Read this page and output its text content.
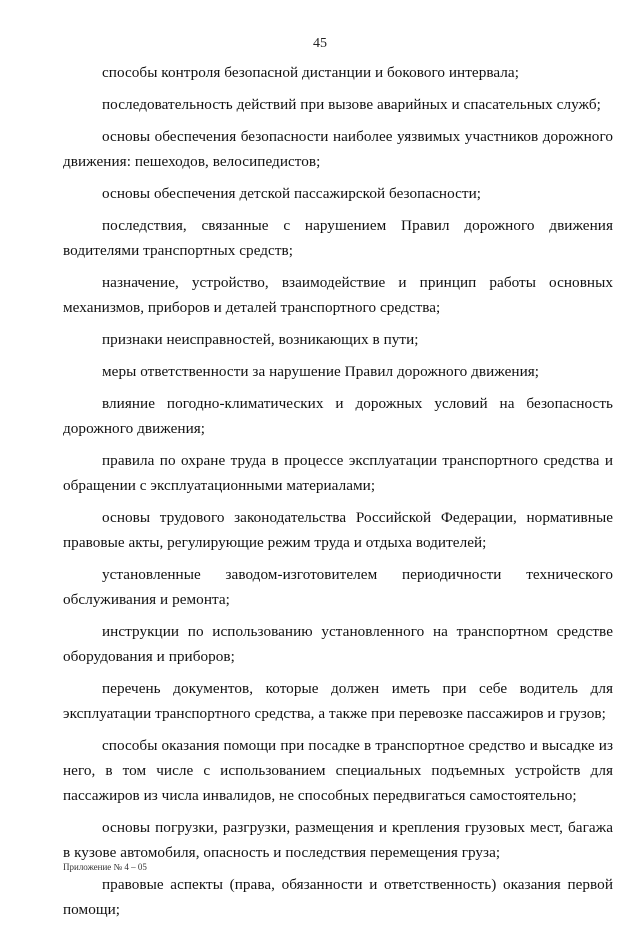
45

способы контроля безопасной дистанции и бокового интервала;

последовательность действий при вызове аварийных и спасательных служб;

основы обеспечения безопасности наиболее уязвимых участников дорожного движения: пешеходов, велосипедистов;

основы обеспечения детской пассажирской безопасности;

последствия, связанные с нарушением Правил дорожного движения водителями транспортных средств;

назначение, устройство, взаимодействие и принцип работы основных механизмов, приборов и деталей транспортного средства;

признаки неисправностей, возникающих в пути;

меры ответственности за нарушение Правил дорожного движения;

влияние погодно-климатических и дорожных условий на безопасность дорожного движения;

правила по охране труда в процессе эксплуатации транспортного средства и обращении с эксплуатационными материалами;

основы трудового законодательства Российской Федерации, нормативные правовые акты, регулирующие режим труда и отдыха водителей;

установленные заводом-изготовителем периодичности технического обслуживания и ремонта;

инструкции по использованию установленного на транспортном средстве оборудования и приборов;

перечень документов, которые должен иметь при себе водитель для эксплуатации транспортного средства, а также при перевозке пассажиров и грузов;

способы оказания помощи при посадке в транспортное средство и высадке из него, в том числе с использованием специальных подъемных устройств для пассажиров из числа инвалидов, не способных передвигаться самостоятельно;

основы погрузки, разгрузки, размещения и крепления грузовых мест, багажа в кузове автомобиля, опасность и последствия перемещения груза;

правовые аспекты (права, обязанности и ответственность) оказания первой помощи;

Приложение № 4 – 05
